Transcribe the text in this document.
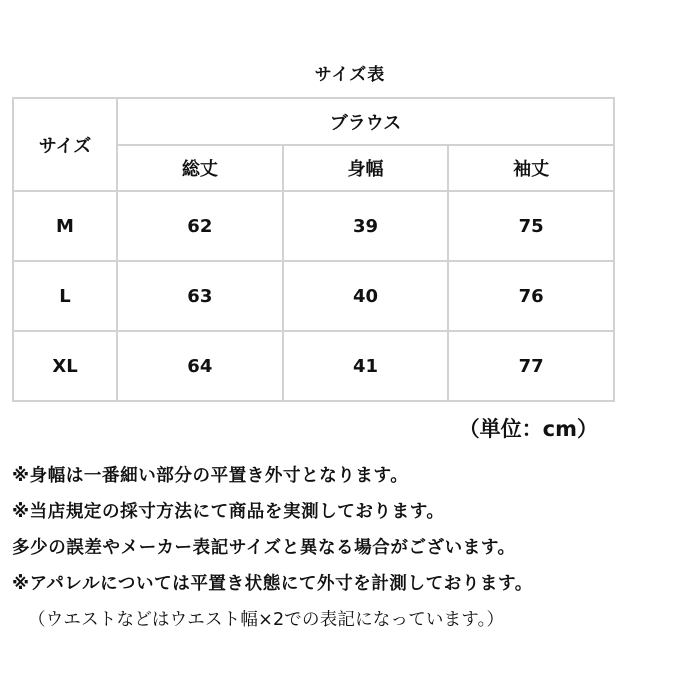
サイズ表
サイズ	ブラウス		
	総丈	身幅	袖丈
M	62	39	75
L	63	40	76
XL	64	41	77
（単位：cm）
※身幅は一番細い部分の平置き外寸となります。
※当店規定の採寸方法にて商品を実測しております。
多少の誤差やメーカー表記サイズと異なる場合がございます。
※アパレルについては平置き状態にて外寸を計測しております。
（ウエストなどはウエスト幅×2での表記になっています。）
